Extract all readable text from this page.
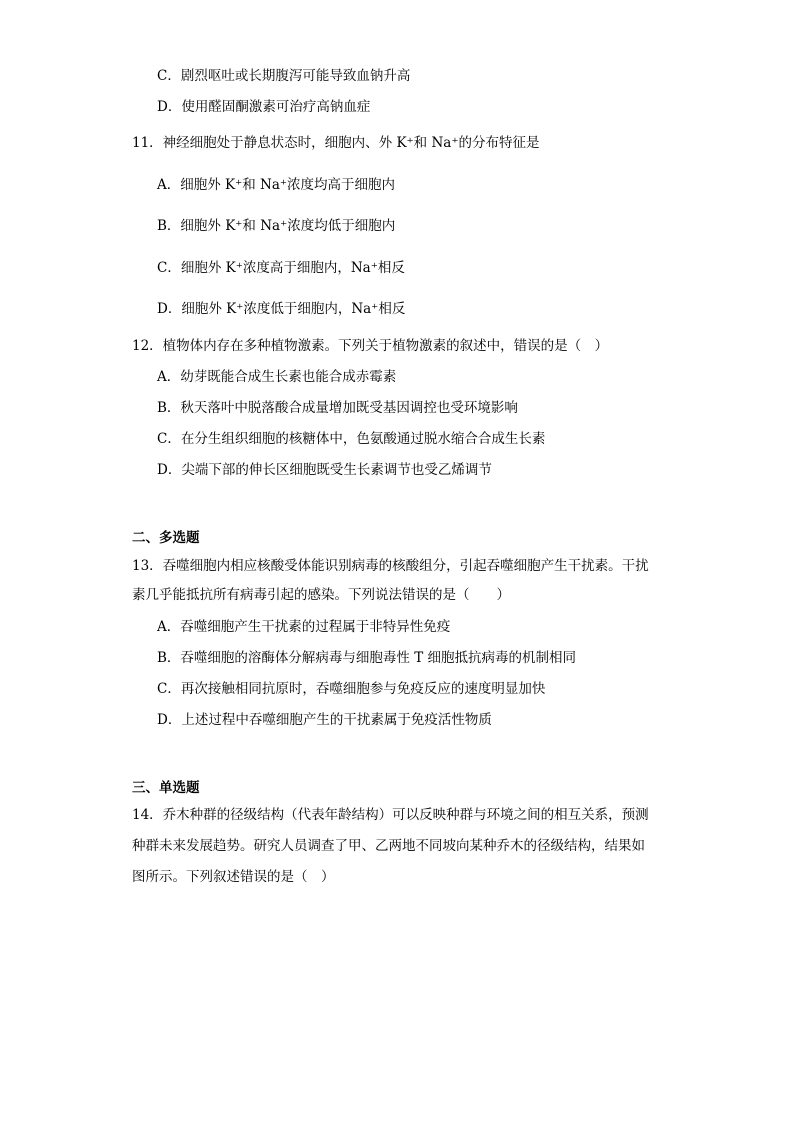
C．剧烈呕吐或长期腹泻可能导致血钠升高
D．使用醛固酮激素可治疗高钠血症
11．神经细胞处于静息状态时，细胞内、外 K⁺和 Na⁺的分布特征是
A．细胞外 K⁺和 Na⁺浓度均高于细胞内
B．细胞外 K⁺和 Na⁺浓度均低于细胞内
C．细胞外 K⁺浓度高于细胞内，Na⁺相反
D．细胞外 K⁺浓度低于细胞内，Na⁺相反
12．植物体内存在多种植物激素。下列关于植物激素的叙述中，错误的是（　）
A．幼芽既能合成生长素也能合成赤霉素
B．秋天落叶中脱落酸合成量增加既受基因调控也受环境影响
C．在分生组织细胞的核糖体中，色氨酸通过脱水缩合合成生长素
D．尖端下部的伸长区细胞既受生长素调节也受乙烯调节
二、多选题
13．吞噬细胞内相应核酸受体能识别病毒的核酸组分，引起吞噬细胞产生干扰素。干扰
素几乎能抵抗所有病毒引起的感染。下列说法错误的是（　　）
A．吞噬细胞产生干扰素的过程属于非特异性免疫
B．吞噬细胞的溶酶体分解病毒与细胞毒性 T 细胞抵抗病毒的机制相同
C．再次接触相同抗原时，吞噬细胞参与免疫反应的速度明显加快
D．上述过程中吞噬细胞产生的干扰素属于免疫活性物质
三、单选题
14．乔木种群的径级结构（代表年龄结构）可以反映种群与环境之间的相互关系，预测
种群未来发展趋势。研究人员调查了甲、乙两地不同坡向某种乔木的径级结构，结果如
图所示。下列叙述错误的是（　）
